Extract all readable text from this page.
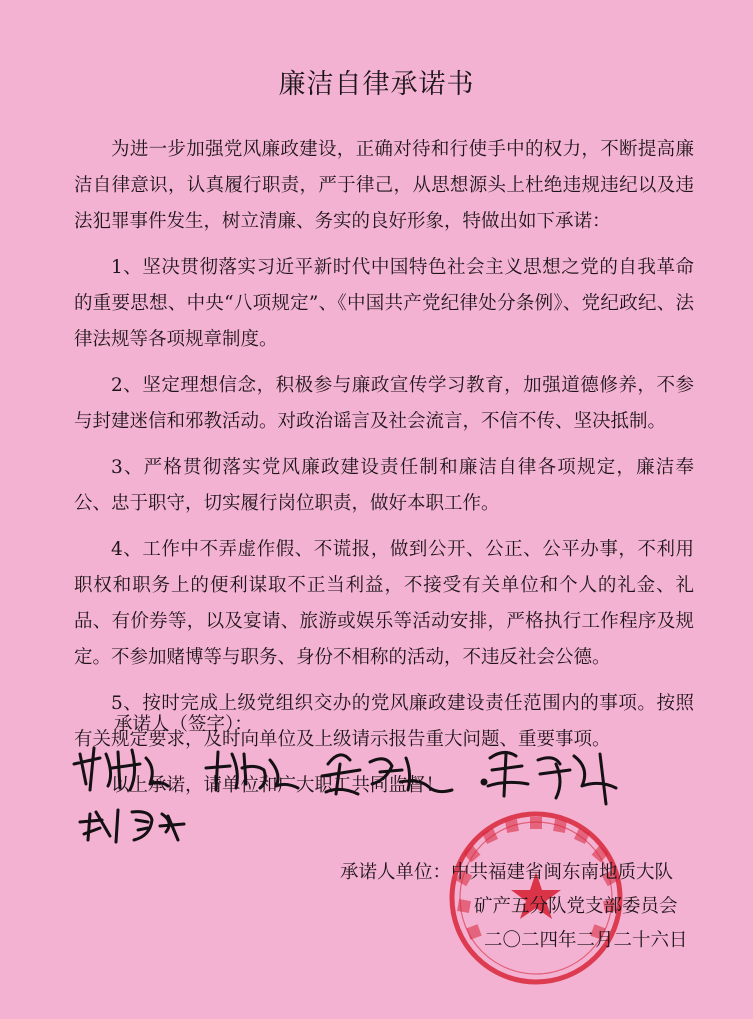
廉洁自律承诺书

为进一步加强党风廉政建设，正确对待和行使手中的权力，不断提高廉洁自律意识，认真履行职责，严于律己，从思想源头上杜绝违规违纪以及违法犯罪事件发生，树立清廉、务实的良好形象，特做出如下承诺：

1、坚决贯彻落实习近平新时代中国特色社会主义思想之党的自我革命的重要思想、中央“八项规定”、《中国共产党纪律处分条例》、党纪政纪、法律法规等各项规章制度。

2、坚定理想信念，积极参与廉政宣传学习教育，加强道德修养，不参与封建迷信和邪教活动。对政治谣言及社会流言，不信不传、坚决抵制。

3、严格贯彻落实党风廉政建设责任制和廉洁自律各项规定，廉洁奉公、忠于职守，切实履行岗位职责，做好本职工作。

4、工作中不弄虚作假、不谎报，做到公开、公正、公平办事，不利用职权和职务上的便利谋取不正当利益，不接受有关单位和个人的礼金、礼品、有价券等，以及宴请、旅游或娱乐等活动安排，严格执行工作程序及规定。不参加赌博等与职务、身份不相称的活动，不违反社会公德。

5、按时完成上级党组织交办的党风廉政建设责任范围内的事项。按照有关规定要求，及时向单位及上级请示报告重大问题、重要事项。

以上承诺，请单位和广大职工共同监督！

承诺人（签字）：
承诺人单位：中共福建省闽东南地质大队
矿产五分队党支部委员会
二〇二四年二月二十六日
